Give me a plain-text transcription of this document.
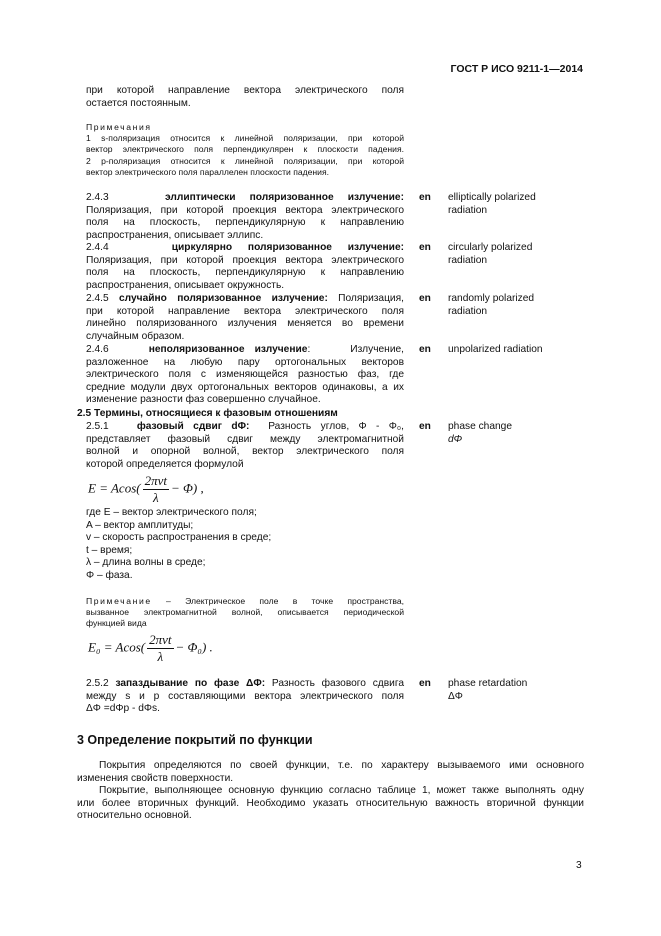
ГОСТ Р ИСО 9211-1—2014
при которой направление вектора электрического поля
остается постоянным.
Примечания
1 s-поляризация относится к линейной поляризации, при которой
вектор электрического поля перпендикулярен к плоскости падения.
2 p-поляризация относится к линейной поляризации, при которой
вектор электрического поля параллелен плоскости падения.
2.4.3	эллиптически поляризованное излучение:
Поляризация, при которой проекция вектора электрического
поля на плоскость, перпендикулярную к направлению
распространения, описывает эллипс.
en elliptically polarized
radiation
2.4.4	циркулярно поляризованное излучение:
Поляризация, при которой проекция вектора электрического
поля на плоскость, перпендикулярную к направлению
распространения, описывает окружность.
en circularly polarized
radiation
2.4.5 случайно поляризованное излучение: Поляризация,
при которой направление вектора электрического поля
линейно поляризованного излучения меняется во времени
случайным образом.
en randomly polarized
radiation
2.4.6	неполяризованное излучение:    Излучение,
разложенное на любую пару ортогональных векторов
электрического поля с изменяющейся разностью фаз, где
средние модули двух ортогональных векторов одинаковы, а их
изменение разности фаз совершенно случайное.
en unpolarized radiation
2.5 Термины, относящиеся к фазовым отношениям
2.5.1	фазовый сдвиг dΦ: Разность углов, Φ - Φ₀,
представляет фазовый сдвиг между электромагнитной
волной и опорной волной, вектор электрического поля
которой определяется формулой
en phase change
dΦ
$E = Acos( \frac{\text{2πvt}}{\lambda} - \Phi)$ ,
где E – вектор электрического поля;
A – вектор амплитуды;
v – скорость распространения в среде;
t – время;
λ – длина волны в среде;
Φ – фаза.
Примечание – Электрическое поле в точке пространства,
вызванное электромагнитной волной, описывается периодической
функцией вида
$E_0 = Acos( \frac{\text{2πvt}}{\lambda} - \Phi_0)$ .
2.5.2 запаздывание по фазе ΔΦ: Разность фазового сдвига
между s и p составляющими вектора электрического поля
ΔΦ =dΦp - dΦs.
en phase retardation
ΔΦ
3 Определение покрытий по функции
Покрытия определяются по своей функции, т.е. по характеру вызываемого ими основного
изменения свойств поверхности.
Покрытие, выполняющее основную функцию согласно таблице 1, может также выполнять одну
или более вторичных функций. Необходимо указать относительную важность вторичной функции
относительно основной.
3
